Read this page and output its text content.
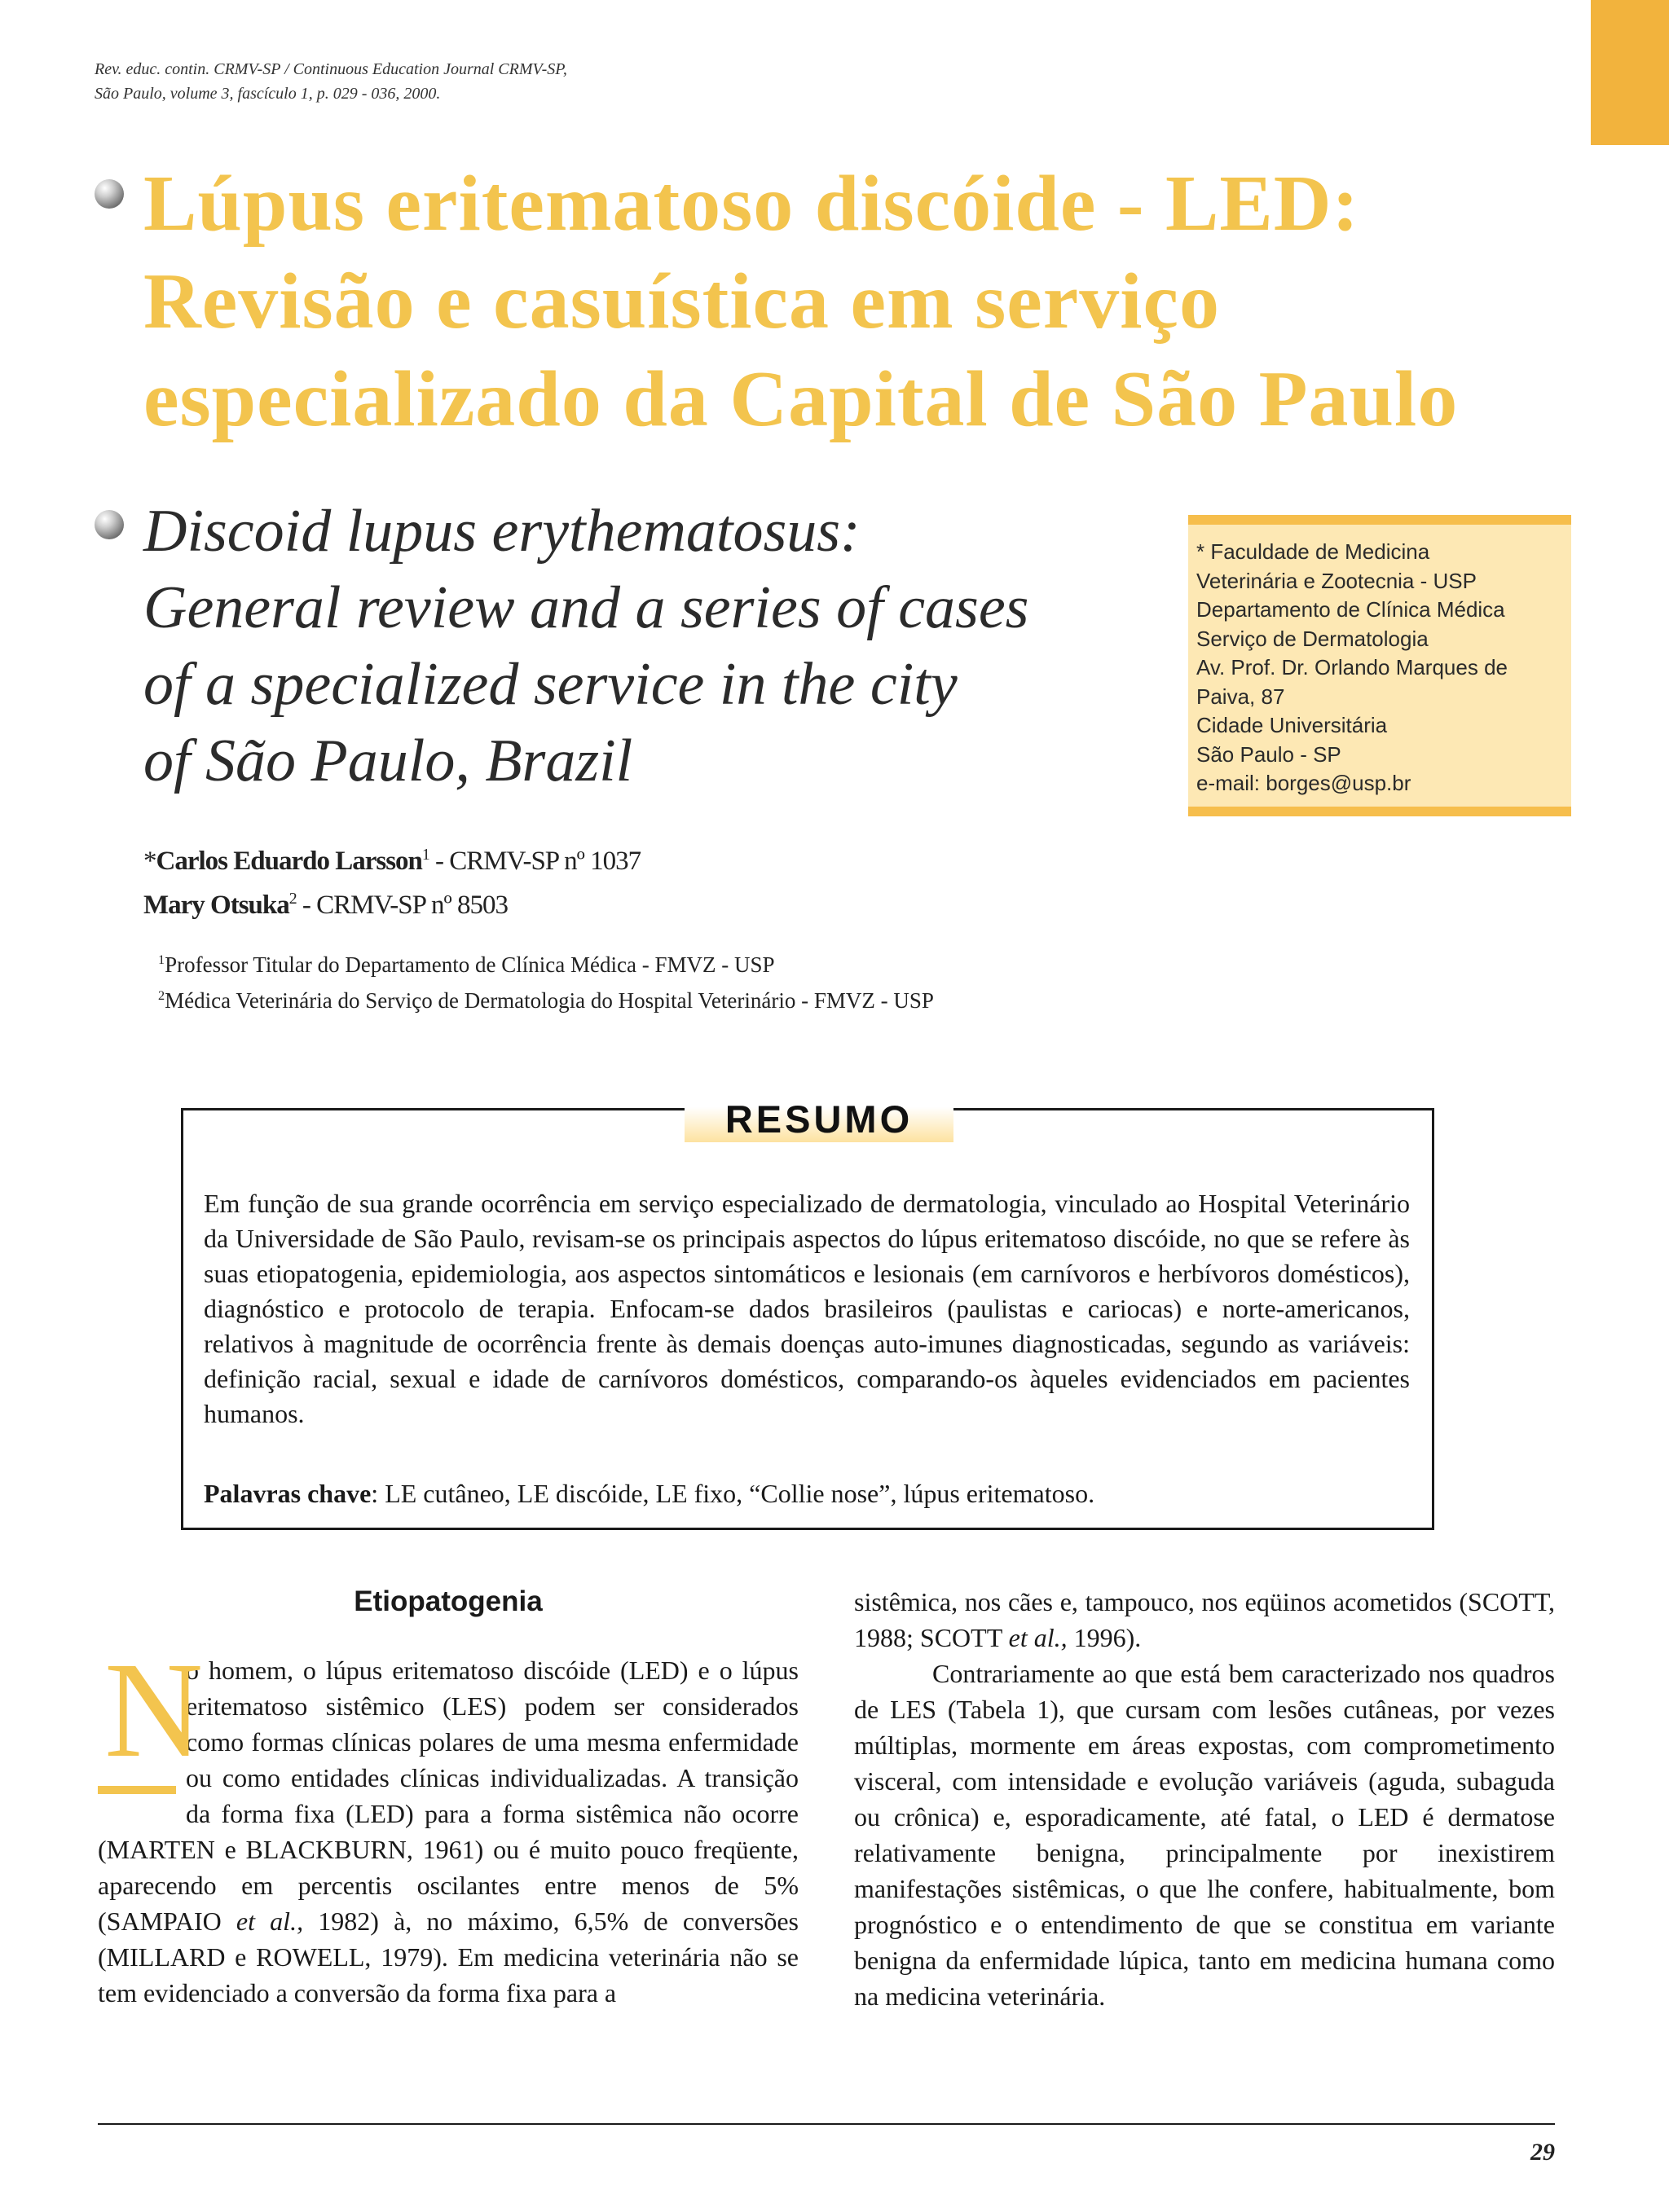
Rev. educ. contin. CRMV-SP / Continuous Education Journal CRMV-SP,
São Paulo, volume 3, fascículo 1, p. 029 - 036, 2000.
Lúpus eritematoso discóide - LED:
Revisão e casuística em serviço
especializado da Capital de São Paulo
Discoid lupus erythematosus:
General review and a series of cases
of a specialized service in the city
of São Paulo, Brazil
* Faculdade de Medicina
Veterinária e Zootecnia - USP
Departamento de Clínica Médica
Serviço de Dermatologia
Av. Prof. Dr. Orlando Marques de
Paiva, 87
Cidade Universitária
São Paulo - SP
e-mail: borges@usp.br
*Carlos Eduardo Larsson$^1$ - CRMV-SP nº 1037
Mary Otsuka$^2$ - CRMV-SP nº 8503
$^1$Professor Titular do Departamento de Clínica Médica - FMVZ - USP
$^2$Médica Veterinária do Serviço de Dermatologia do Hospital Veterinário - FMVZ - USP
RESUMO

Em função de sua grande ocorrência em serviço especializado de dermatologia, vinculado ao Hospital Veterinário da Universidade de São Paulo, revisam-se os principais aspectos do lúpus eritematoso discóide, no que se refere às suas etiopatogenia, epidemiologia, aos aspectos sintomáticos e lesionais (em carnívoros e herbívoros domésticos), diagnóstico e protocolo de terapia. Enfocam-se dados brasileiros (paulistas e cariocas) e norte-americanos, relativos à magnitude de ocorrência frente às demais doenças auto-imunes diagnosticadas, segundo as variáveis: definição racial, sexual e idade de carnívoros domésticos, comparando-os àqueles evidenciados em pacientes humanos.

Palavras chave: LE cutâneo, LE discóide, LE fixo, “Collie nose”, lúpus eritematoso.
Etiopatogenia

N
o homem, o lúpus eritematoso discóide (LED) e o lúpus eritematoso sistêmico (LES) podem ser considerados como formas clínicas polares de uma mesma enfermidade ou como entidades clínicas individualizadas. A transição da forma fixa (LED) para a forma sistêmica não ocorre (MARTEN e BLACKBURN, 1961) ou é muito pouco freqüente, aparecendo em percentis oscilantes entre menos de 5% (SAMPAIO et al., 1982) à, no máximo, 6,5% de conversões (MILLARD e ROWELL, 1979). Em medicina veterinária não se tem evidenciado a conversão da forma fixa para a

sistêmica, nos cães e, tampouco, nos eqüinos acometidos (SCOTT, 1988; SCOTT et al., 1996).

Contrariamente ao que está bem caracterizado nos quadros de LES (Tabela 1), que cursam com lesões cutâneas, por vezes múltiplas, mormente em áreas expostas, com comprometimento visceral, com intensidade e evolução variáveis (aguda, subaguda ou crônica) e, esporadicamente, até fatal, o LED é dermatose relativamente benigna, principalmente por inexistirem manifestações sistêmicas, o que lhe confere, habitualmente, bom prognóstico e o entendimento de que se constitua em variante benigna da enfermidade lúpica, tanto em medicina humana como na medicina veterinária.

29
